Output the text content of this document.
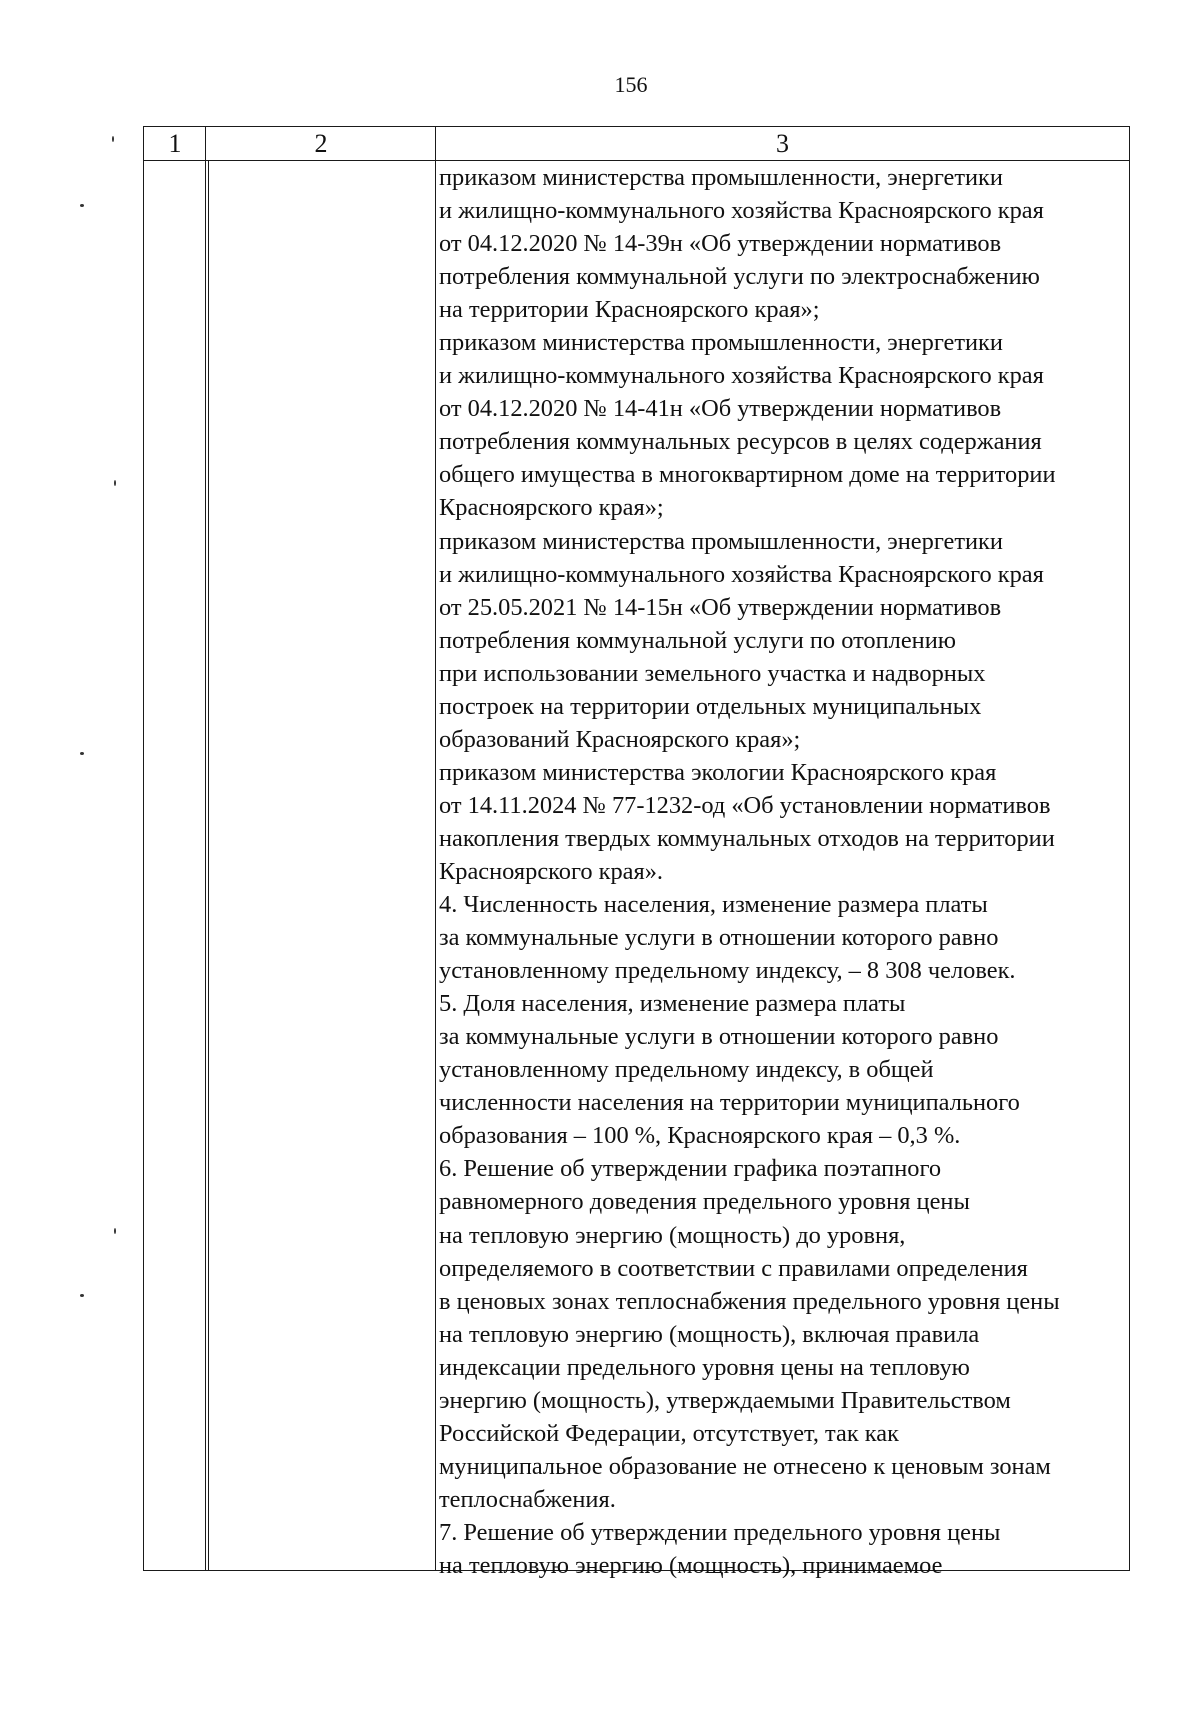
156
1	2	3
приказом министерства промышленности, энергетики
и жилищно-коммунального хозяйства Красноярского края
от 04.12.2020 № 14-39н «Об утверждении нормативов
потребления коммунальной услуги по электроснабжению
на территории Красноярского края»;
приказом министерства промышленности, энергетики
и жилищно-коммунального хозяйства Красноярского края
от 04.12.2020 № 14-41н «Об утверждении нормативов
потребления коммунальных ресурсов в целях содержания
общего имущества в многоквартирном доме на территории
Красноярского края»;
приказом министерства промышленности, энергетики
и жилищно-коммунального хозяйства Красноярского края
от 25.05.2021 № 14-15н «Об утверждении нормативов
потребления коммунальной услуги по отоплению
при использовании земельного участка и надворных
построек на территории отдельных муниципальных
образований Красноярского края»;
приказом министерства экологии Красноярского края
от 14.11.2024 № 77-1232-од «Об установлении нормативов
накопления твердых коммунальных отходов на территории
Красноярского края».
4. Численность населения, изменение размера платы
за коммунальные услуги в отношении которого равно
установленному предельному индексу, – 8 308 человек.
5. Доля населения, изменение размера платы
за коммунальные услуги в отношении которого равно
установленному предельному индексу, в общей
численности населения на территории муниципального
образования – 100 %, Красноярского края – 0,3 %.
6. Решение об утверждении графика поэтапного
равномерного доведения предельного уровня цены
на тепловую энергию (мощность) до уровня,
определяемого в соответствии с правилами определения
в ценовых зонах теплоснабжения предельного уровня цены
на тепловую энергию (мощность), включая правила
индексации предельного уровня цены на тепловую
энергию (мощность), утверждаемыми Правительством
Российской Федерации, отсутствует, так как
муниципальное образование не отнесено к ценовым зонам
теплоснабжения.
7. Решение об утверждении предельного уровня цены
на тепловую энергию (мощность), принимаемое
